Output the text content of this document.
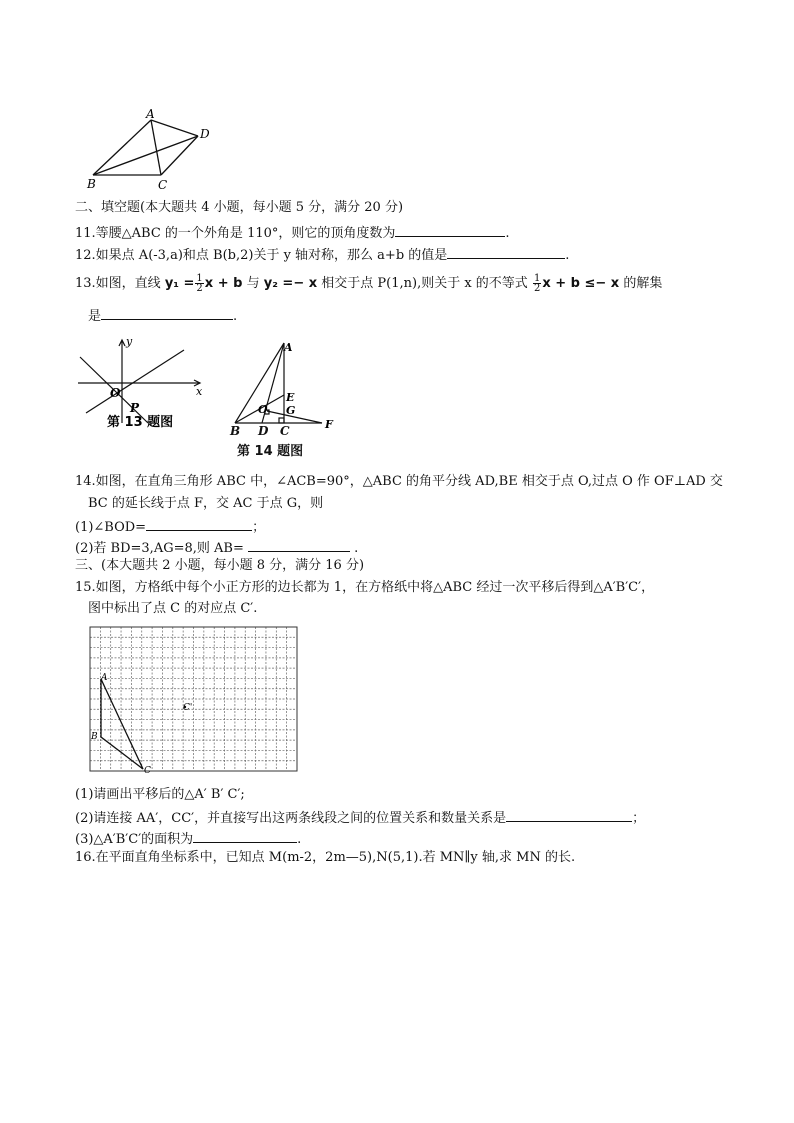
A
D
B	C
二、填空题(本大题共 4 小题，每小题 5 分，满分 20 分)
11.等腰△ABC 的一个外角是 110°，则它的顶角度数为	.
12.如果点 A(-3,a)和点 B(b,2)关于 y 轴对称，那么 a+b 的值是	.
13.如图，直线 $y_1 = \frac{1}{2}$ x + b 与 y₂ =− x 相交于点 P(1,n),则关于 x 的不等式 $\frac{1}{2}$ x + b ≤− x 的解集
是	.
y
x
O
P
第 13 题图
A
E
O G
F
B D C
第 14 题图
14.如图，在直角三角形 ABC 中，∠ACB=90°，△ABC 的角平分线 AD,BE 相交于点 O,过点 O 作 OF⊥AD 交
BC 的延长线于点 F，交 AC 于点 G，则
(1)∠BOD=	；
(2)若 BD=3,AG=8,则 AB=	.
三、(本大题共 2 小题，每小题 8 分，满分 16 分)
15.如图，方格纸中每个小正方形的边长都为 1，在方格纸中将△ABC 经过一次平移后得到△A′B′C′，
图中标出了点 C 的对应点 C′.
A
B
C
C'
(1)请画出平移后的△A′ B′ C′;
(2)请连接 AA′，CC′，并直接写出这两条线段之间的位置关系和数量关系是	；
(3)△A′B′C′的面积为	.
16.在平面直角坐标系中，已知点 M(m-2，2m—5),N(5,1).若 MN∥y 轴,求 MN 的长.
